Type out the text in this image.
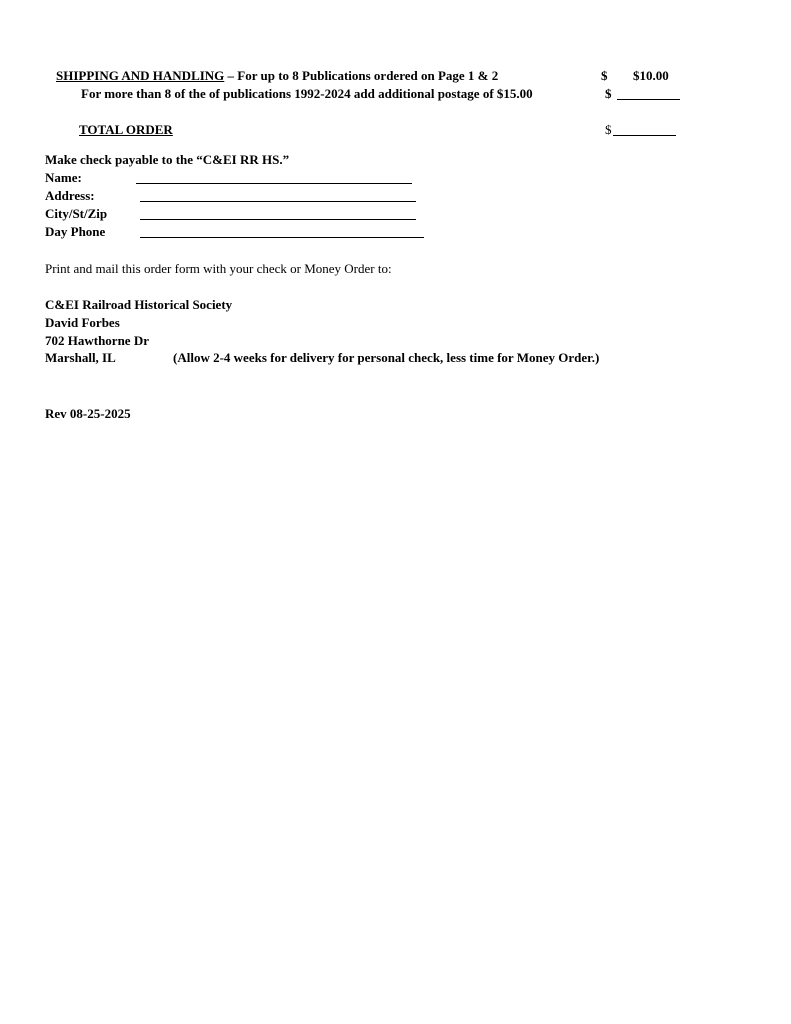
SHIPPING AND HANDLING – For up to 8 Publications ordered on Page 1 & 2	$ $10.00
For more than 8 of the of publications 1992-2024 add additional postage of $15.00	$
TOTAL ORDER	$
Make check payable to the “C&EI RR HS.”
Name:
Address:
City/St/Zip
Day Phone
Print and mail this order form with your check or Money Order to:
C&EI Railroad Historical Society
David Forbes
702 Hawthorne Dr
Marshall, IL	(Allow 2-4 weeks for delivery for personal check, less time for Money Order.)
Rev 08-25-2025
